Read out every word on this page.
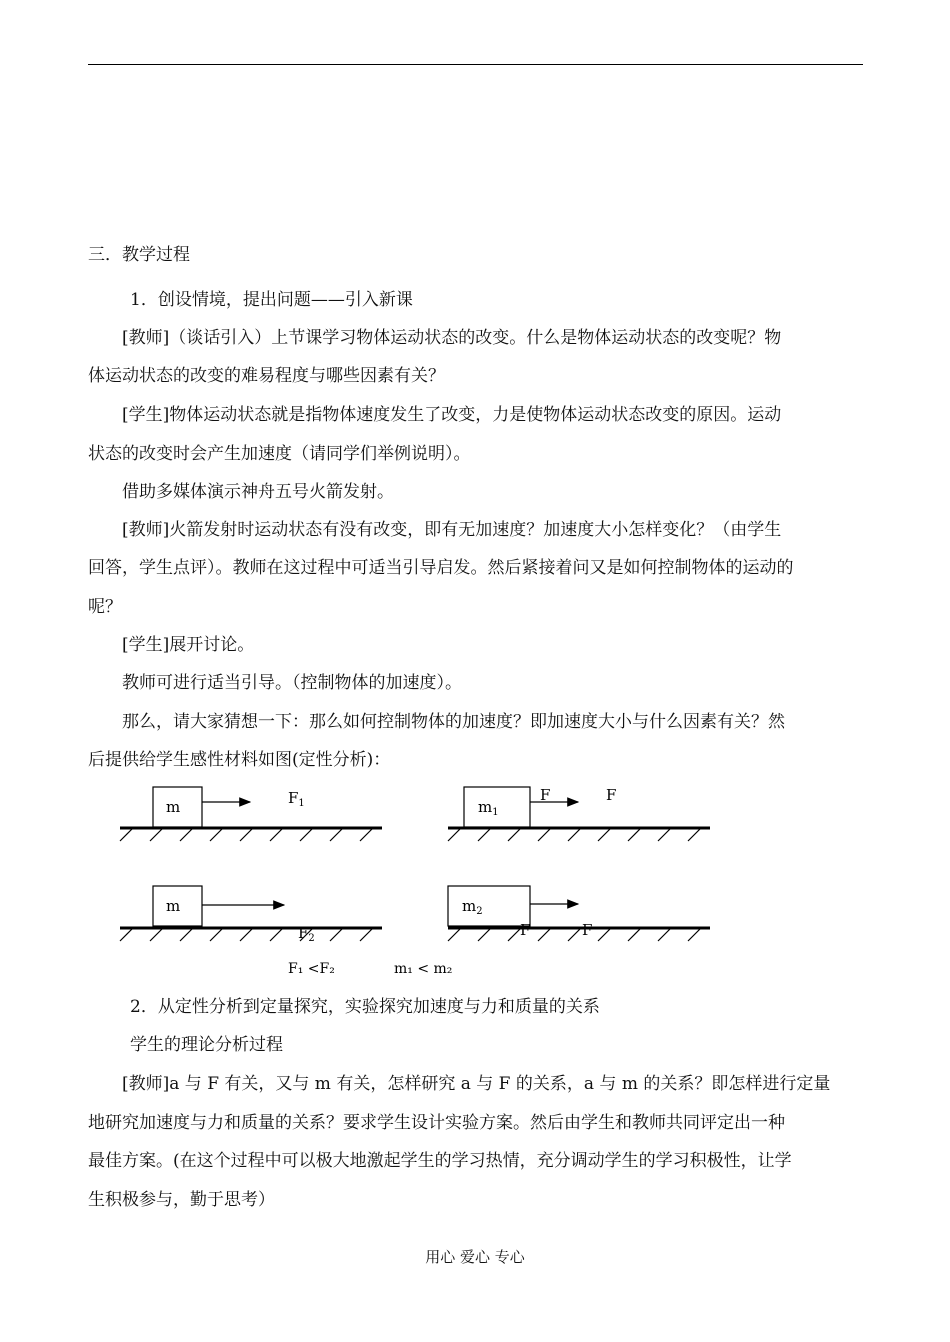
三．教学过程
1．创设情境，提出问题——引入新课
[教师]（谈话引入）上节课学习物体运动状态的改变。什么是物体运动状态的改变呢？物
体运动状态的改变的难易程度与哪些因素有关？
[学生]物体运动状态就是指物体速度发生了改变，力是使物体运动状态改变的原因。运动
状态的改变时会产生加速度（请同学们举例说明）。
借助多媒体演示神舟五号火箭发射。
[教师]火箭发射时运动状态有没有改变，即有无加速度？加速度大小怎样变化？（由学生
回答，学生点评）。教师在这过程中可适当引导启发。然后紧接着问又是如何控制物体的运动的
呢？
[学生]展开讨论。
教师可进行适当引导。（控制物体的加速度）。
那么，请大家猜想一下：那么如何控制物体的加速度？即加速度大小与什么因素有关？然
后提供给学生感性材料如图(定性分析)：
2．从定性分析到定量探究，实验探究加速度与力和质量的关系
学生的理论分析过程
[教师]a 与 F 有关，又与 m 有关，怎样研究 a 与 F 的关系，a 与 m 的关系？即怎样进行定量
地研究加速度与力和质量的关系？要求学生设计实验方案。然后由学生和教师共同评定出一种
最佳方案。(在这个过程中可以极大地激起学生的学习热情，充分调动学生的学习积极性，让学
生积极参与，勤于思考）
m	$F_1$	$m_1$
F	F
m
$F_2$
$m_2$
F	F
F₁ <F₂	m₁ < m₂
用心 爱心 专心
